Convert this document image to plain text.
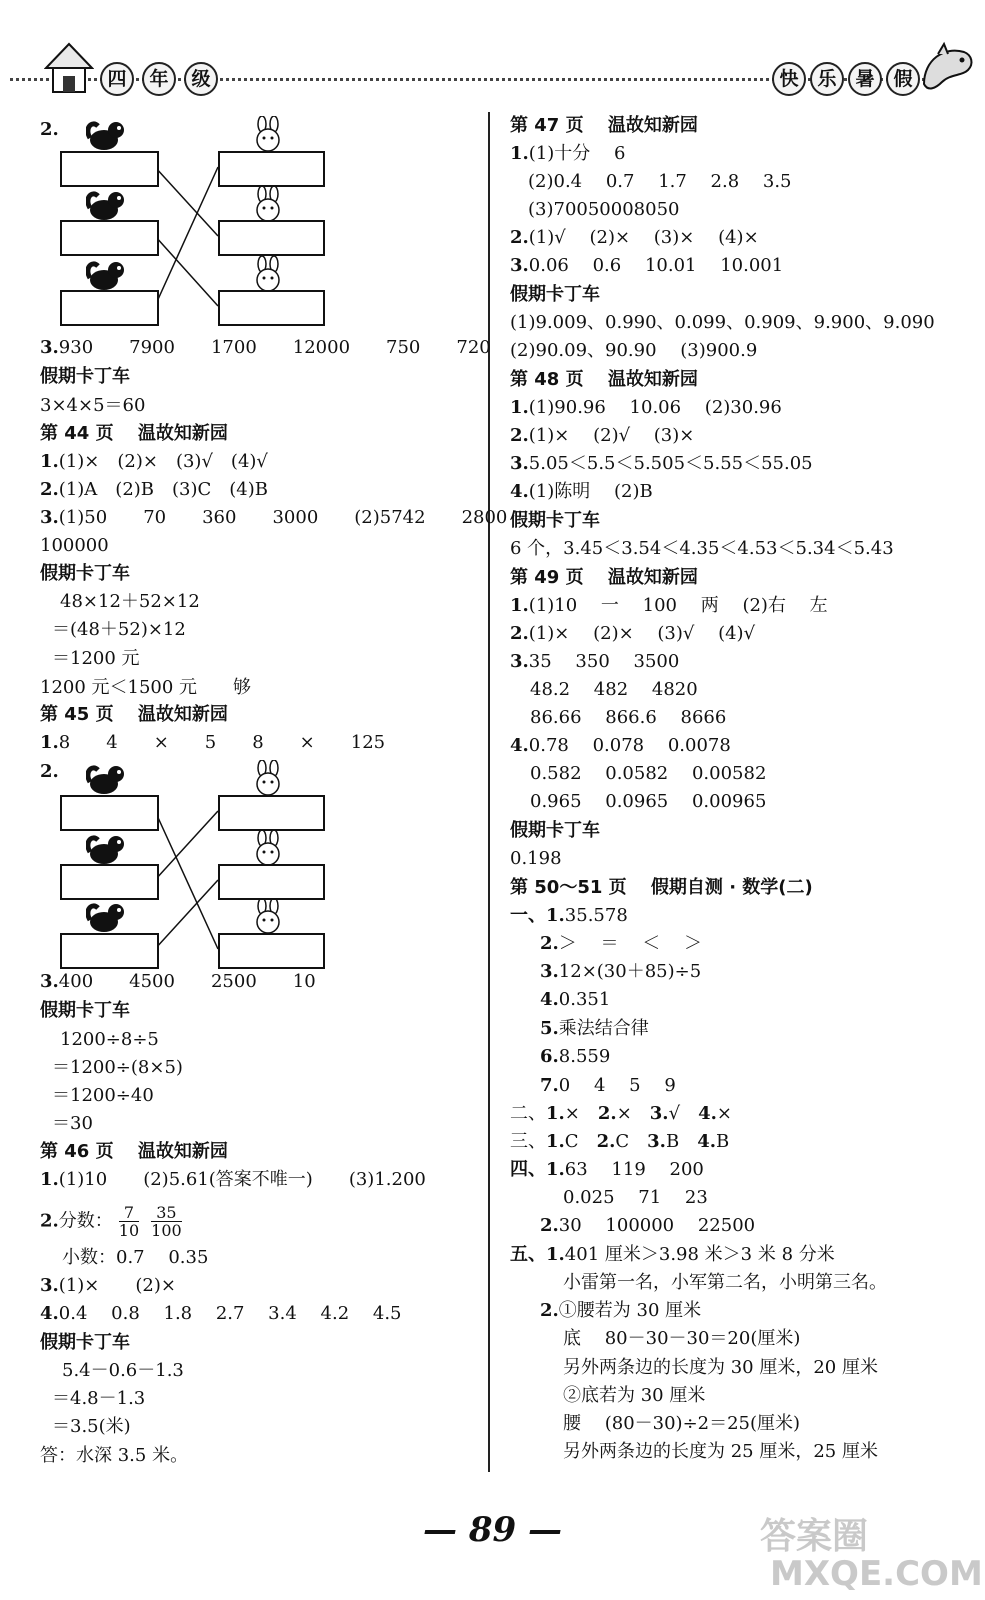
四	年	级	快 乐 暑 假
2.
3.930　　7900　　1700　　12000　　750　　720
假期卡丁车
3×4×5＝60
第 44 页　 温故知新园
1.(1)×　(2)×　(3)√　(4)√
2.(1)A　(2)B　(3)C　(4)B
3.(1)50　　70　　360　　3000　　(2)5742　　2800
100000
假期卡丁车
48×12＋52×12
＝(48＋52)×12
＝1200 元
1200 元＜1500 元　　够
第 45 页　 温故知新园
1.8　　4　　×　　5　　8　　×　　125
2.
3.400　　4500　　2500　　10
假期卡丁车
1200÷8÷5
＝1200÷(8×5)
＝1200÷40
＝30
第 46 页　 温故知新园
1.(1)10　　(2)5.61(答案不唯一)　　(3)1.200
2.分数： $\frac{7}{10} \frac{35}{100}$
小数：0.7　 0.35
3.(1)×　　(2)×
4.0.4　 0.8　 1.8　 2.7　 3.4　 4.2　 4.5
假期卡丁车
5.4－0.6－1.3
＝4.8－1.3
＝3.5(米)
答：水深 3.5 米。
第 47 页　 温故知新园
1.(1)十分　 6
(2)0.4　 0.7　 1.7　 2.8　 3.5
(3)70050008050
2.(1)√　 (2)×　 (3)×　 (4)×
3.0.06　 0.6　 10.01　 10.001
假期卡丁车
(1)9.009、0.990、0.099、0.909、9.900、9.090
(2)90.09、90.90　 (3)900.9
第 48 页　 温故知新园
1.(1)90.96　 10.06　 (2)30.96
2.(1)×　 (2)√　 (3)×
3.5.05＜5.5＜5.505＜5.55＜55.05
4.(1)陈明　 (2)B
假期卡丁车
6 个，3.45＜3.54＜4.35＜4.53＜5.34＜5.43
第 49 页　 温故知新园
1.(1)10　 一　 100　 两　 (2)右　 左
2.(1)×　 (2)×　 (3)√　 (4)√
3.35　 350　 3500
48.2　 482　 4820
86.66　 866.6　 8666
4.0.78　 0.078　 0.0078
0.582　 0.0582　 0.00582
0.965　 0.0965　 0.00965
假期卡丁车
0.198
第 50～51 页　 假期自测 · 数学(二)
一、1.35.578
2.＞　 ＝　 ＜　 ＞
3.12×(30＋85)÷5
4.0.351
5.乘法结合律
6.8.559
7.0　 4　 5　 9
二、1.×　2.×　3.√　4.×
三、1.C　2.C　3.B　4.B
四、1.63　 119　 200
0.025　 71　 23
2.30　 100000　 22500
五、1.401 厘米＞3.98 米＞3 米 8 分米
小雷第一名，小军第二名，小明第三名。
2.①腰若为 30 厘米
底　 80－30－30＝20(厘米)
另外两条边的长度为 30 厘米，20 厘米
②底若为 30 厘米
腰　 (80－30)÷2＝25(厘米)
另外两条边的长度为 25 厘米，25 厘米
— 89 —	答案圈
MXQE.COM
